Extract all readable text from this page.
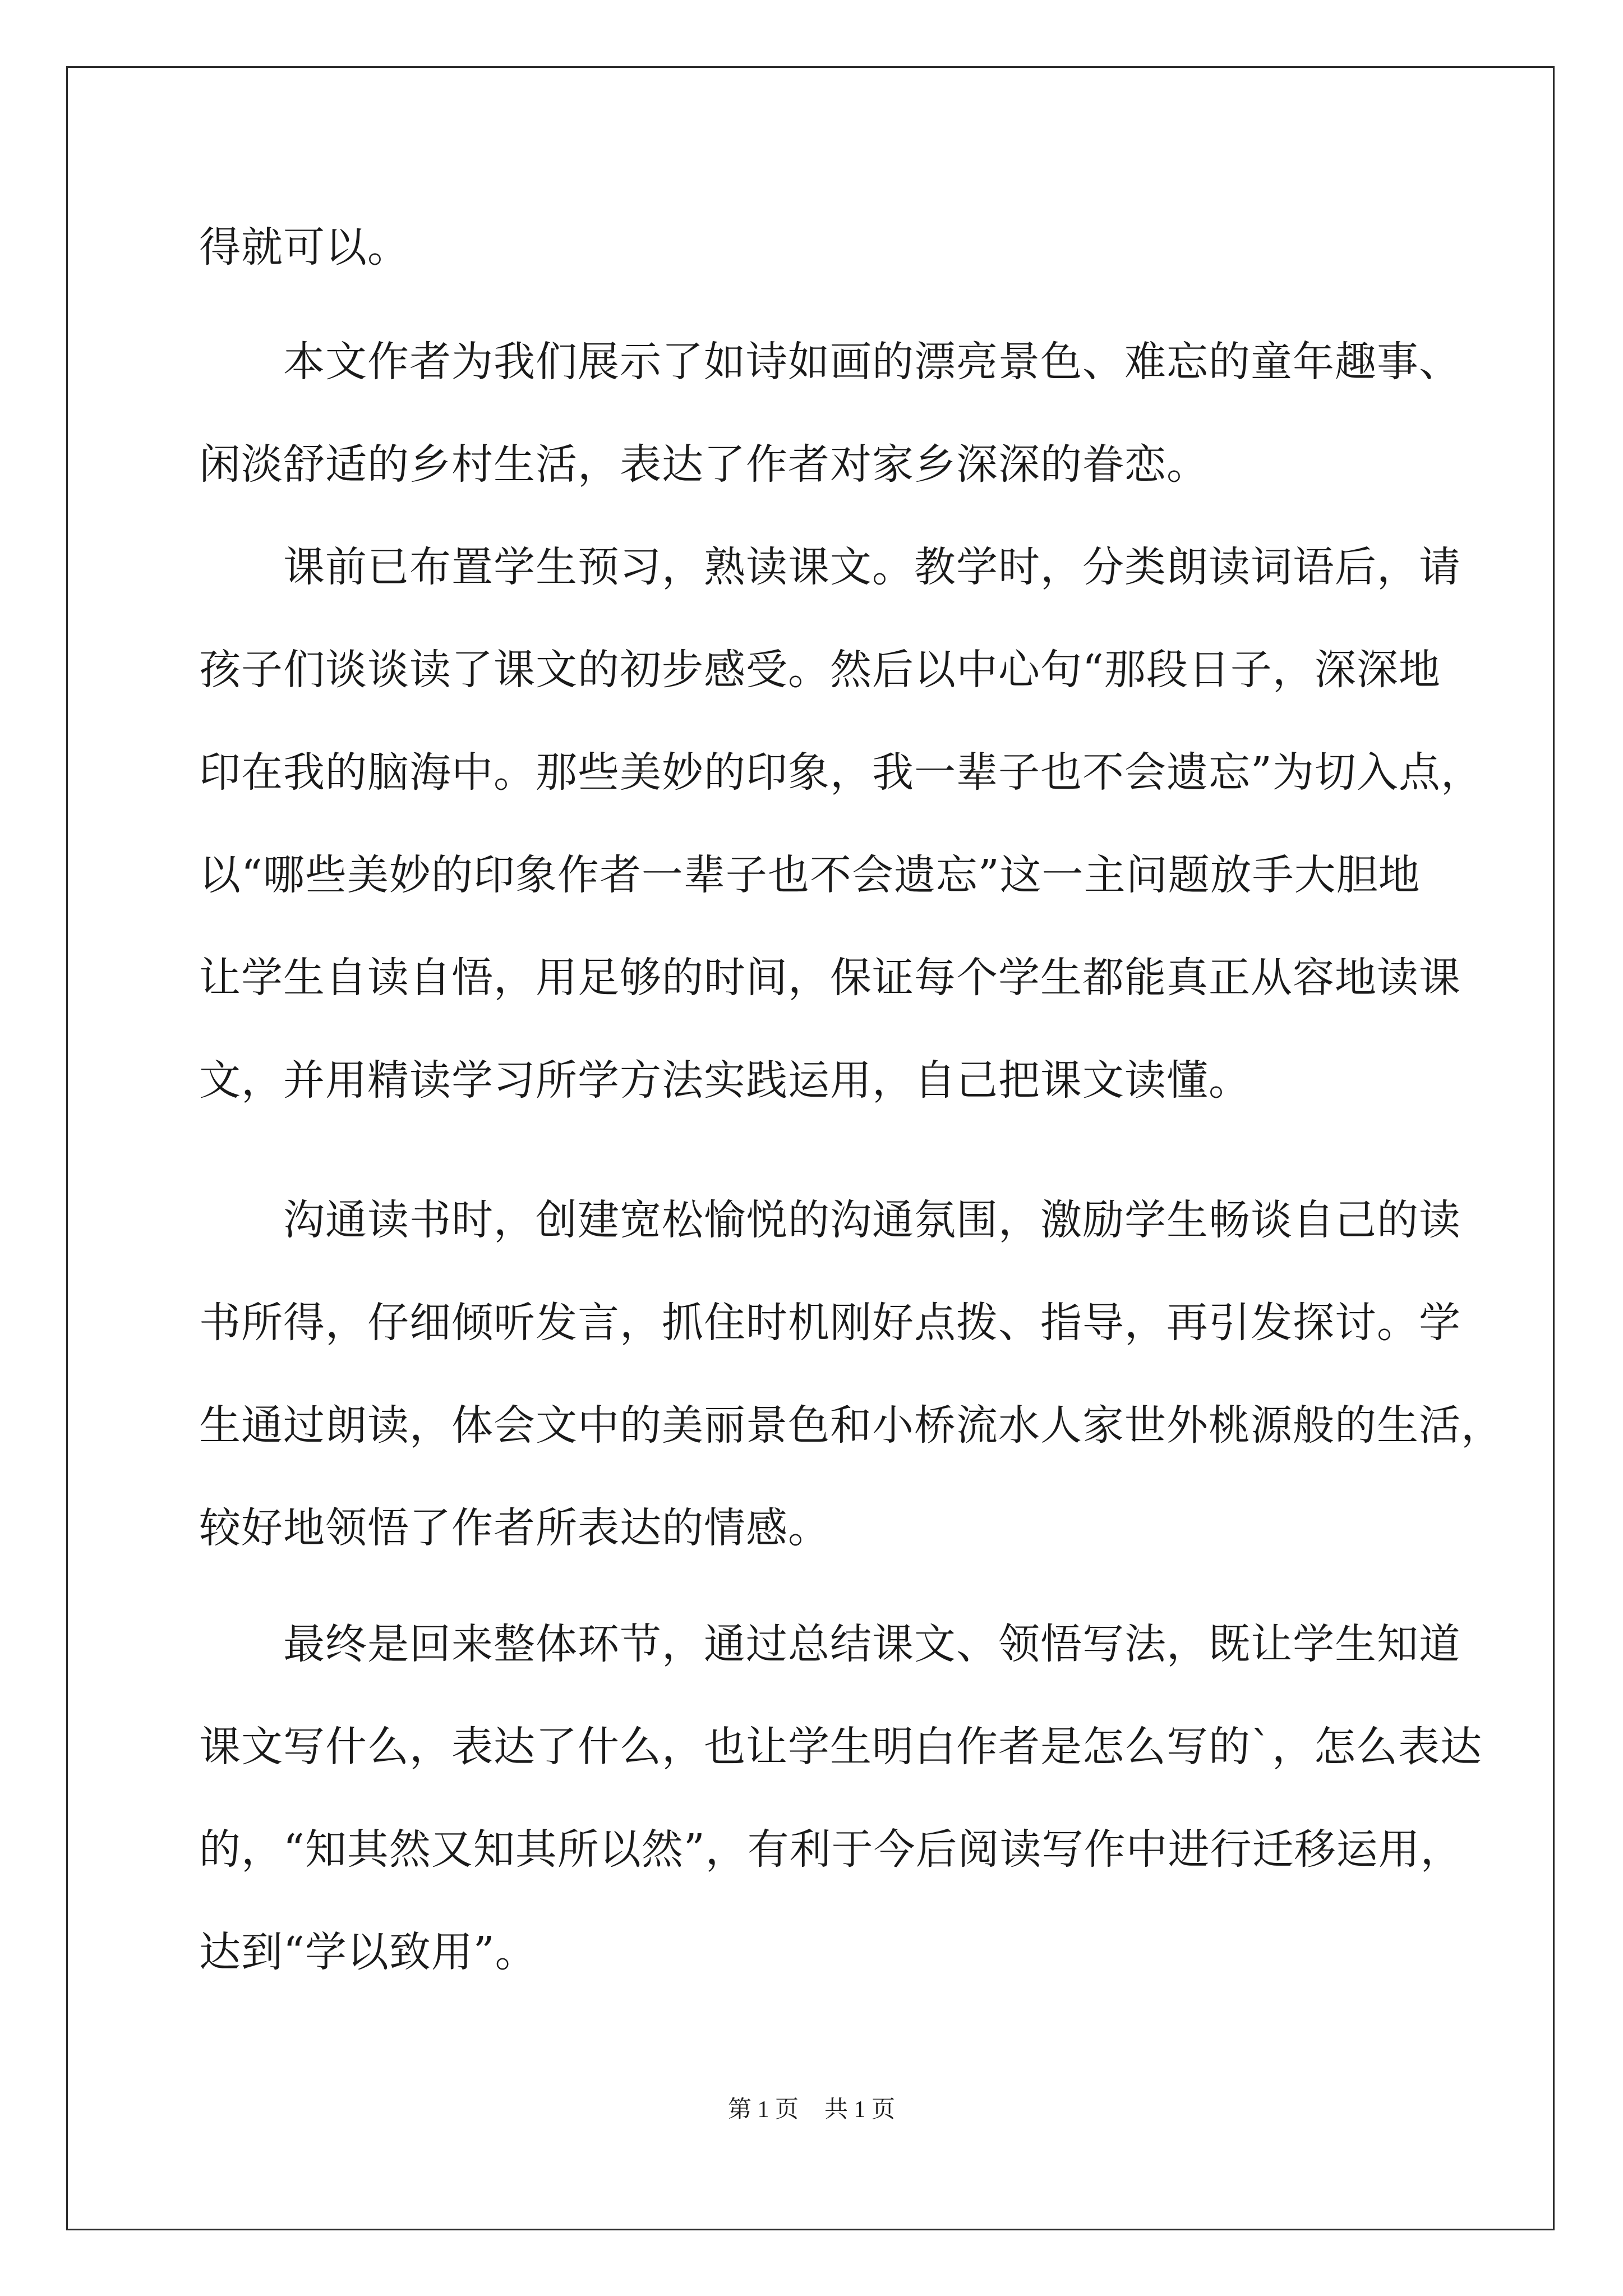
得就可以。
　　本文作者为我们展示了如诗如画的漂亮景色、难忘的童年趣事、
闲淡舒适的乡村生活，表达了作者对家乡深深的眷恋。
　　课前已布置学生预习，熟读课文。教学时，分类朗读词语后，请
孩子们谈谈读了课文的初步感受。然后以中心句“那段日子，深深地
印在我的脑海中。那些美妙的印象，我一辈子也不会遗忘”为切入点，
以“哪些美妙的印象作者一辈子也不会遗忘”这一主问题放手大胆地
让学生自读自悟，用足够的时间，保证每个学生都能真正从容地读课
文，并用精读学习所学方法实践运用，自己把课文读懂。
　　沟通读书时，创建宽松愉悦的沟通氛围，激励学生畅谈自己的读
书所得，仔细倾听发言，抓住时机刚好点拨、指导，再引发探讨。学
生通过朗读，体会文中的美丽景色和小桥流水人家世外桃源般的生活，
较好地领悟了作者所表达的情感。
　　最终是回来整体环节，通过总结课文、领悟写法，既让学生知道
课文写什么，表达了什么，也让学生明白作者是怎么写的`，怎么表达
的，“知其然又知其所以然”，有利于今后阅读写作中进行迁移运用，
达到“学以致用”。
第 1 页 共 1 页
